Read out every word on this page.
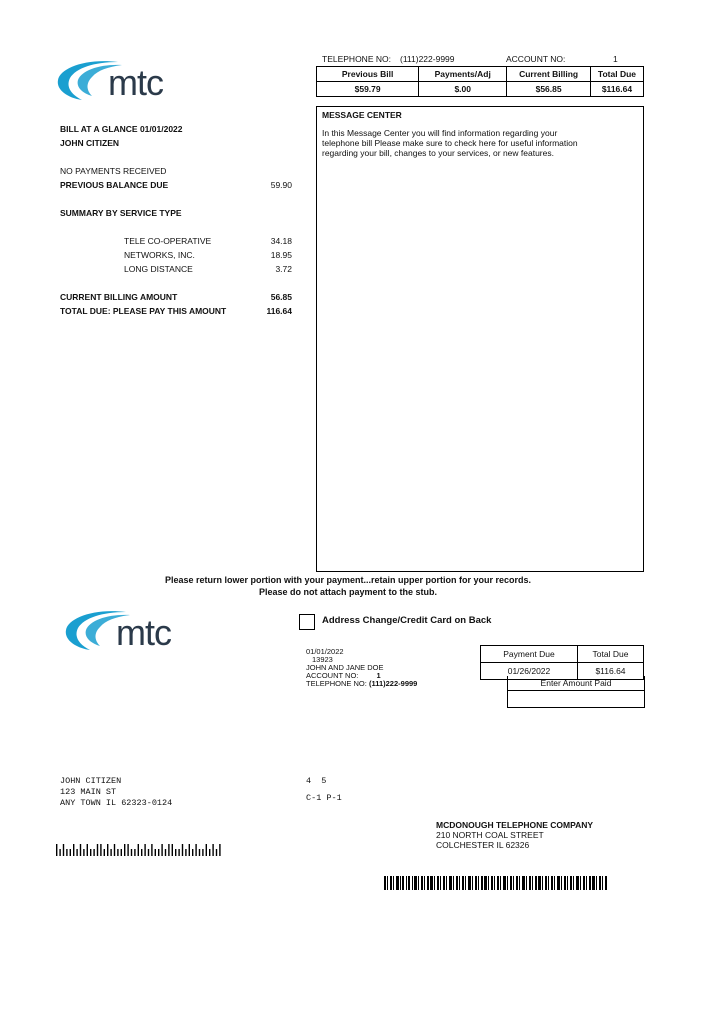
mtc
TELEPHONE NO: (111)222-9999	ACCOUNT NO:	1
Previous Bill	Payments/Adj	Current Billing	Total Due
$59.79	$.00	$56.85	$116.64
BILL AT A GLANCE 01/01/2022
JOHN CITIZEN
NO PAYMENTS RECEIVED
PREVIOUS BALANCE DUE	59.90
SUMMARY BY SERVICE TYPE
TELE CO-OPERATIVE	34.18
NETWORKS, INC.	18.95
LONG DISTANCE	3.72
CURRENT BILLING AMOUNT	56.85
TOTAL DUE: PLEASE PAY THIS AMOUNT	116.64
MESSAGE CENTER
In this Message Center you will find information regarding your telephone bill Please make sure to check here for useful information regarding your bill, changes to your services, or new features.
Please return lower portion with your payment...retain upper portion for your records.
Please do not attach payment to the stub.
mtc	Address Change/Credit Card on Back
01/01/2022
13923
JOHN AND JANE DOE
ACCOUNT NO: 1
TELEPHONE NO: (111)222-9999
Payment Due	Total Due
01/26/2022	$116.64
Enter Amount Paid
JOHN CITIZEN
123 MAIN ST
ANY TOWN IL 62323-0124
4  5
C-1 P-1
MCDONOUGH TELEPHONE COMPANY
210 NORTH COAL STREET
COLCHESTER IL 62326
